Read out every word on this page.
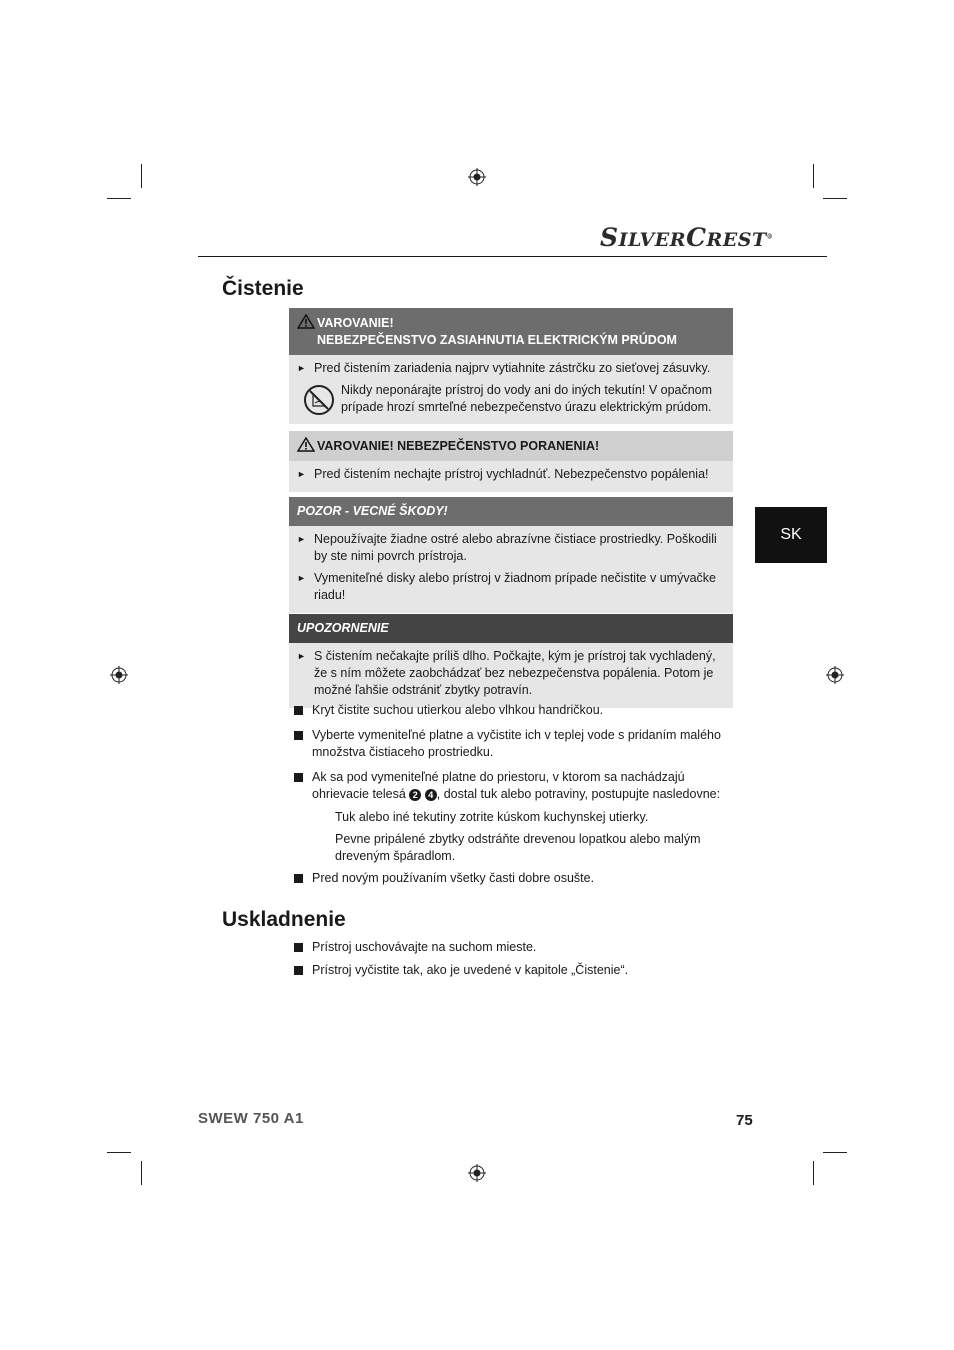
SILVERCREST®
Čistenie
VAROVANIE!
NEBEZPEČENSTVO ZASIAHNUTIA ELEKTRICKÝM PRÚDOM
► Pred čistením zariadenia najprv vytiahnite zástrčku zo sieťovej zásuvky.
Nikdy neponárajte prístroj do vody ani do iných tekutín! V opačnom prípade hrozí smrteľné nebezpečenstvo úrazu elektrickým prúdom.
VAROVANIE! NEBEZPEČENSTVO PORANENIA!
► Pred čistením nechajte prístroj vychladnúť. Nebezpečenstvo popálenia!
POZOR - VECNÉ ŠKODY!
► Nepoužívajte žiadne ostré alebo abrazívne čistiace prostriedky. Poškodili by ste nimi povrch prístroja.
► Vymeniteľné disky alebo prístroj v žiadnom prípade nečistite v umývačke riadu!
SK
UPOZORNENIE
► S čistením nečakajte príliš dlho. Počkajte, kým je prístroj tak vychladený, že s ním môžete zaobchádzať bez nebezpečenstva popálenia. Potom je možné ľahšie odstrániť zbytky potravín.
Kryt čistite suchou utierkou alebo vlhkou handričkou.
Vyberte vymeniteľné platne a vyčistite ich v teplej vode s pridaním malého množstva čistiaceho prostriedku.
Ak sa pod vymeniteľné platne do priestoru, v ktorom sa nachádzajú ohrievacie telesá 2 4 , dostal tuk alebo potraviny, postupujte nasledovne:
Tuk alebo iné tekutiny zotrite kúskom kuchynskej utierky.
Pevne pripálené zbytky odstráňte drevenou lopatkou alebo malým dreveným špáradlom.
Pred novým používaním všetky časti dobre osušte.
Uskladnenie
Prístroj uschovávajte na suchom mieste.
Prístroj vyčistite tak, ako je uvedené v kapitole „Čistenie“.
SWEW 750 A1	75
